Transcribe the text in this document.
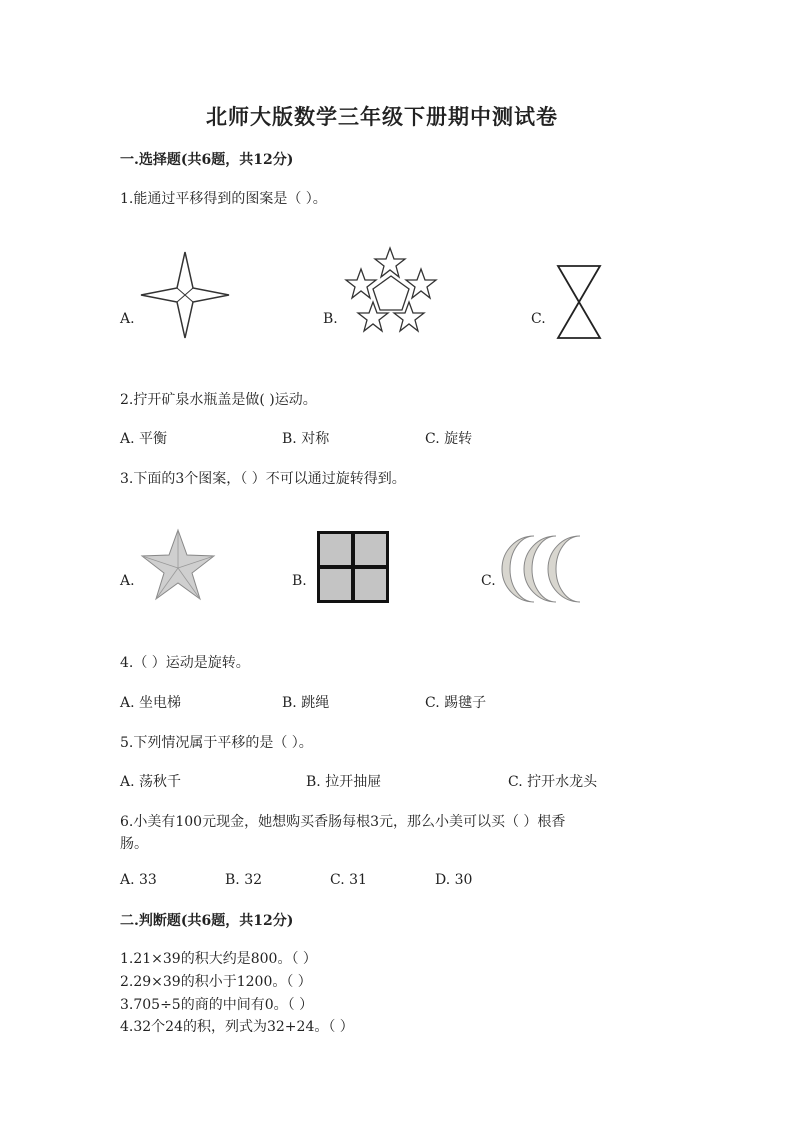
北师大版数学三年级下册期中测试卷
一.选择题(共6题，共12分)
1.能通过平移得到的图案是（ ）。
A.	B.	C.
2.拧开矿泉水瓶盖是做( )运动。
A. 平衡	B. 对称	C. 旋转
3.下面的3个图案，（ ）不可以通过旋转得到。
A.	B.	C.
4.（ ）运动是旋转。
A. 坐电梯	B. 跳绳	C. 踢毽子
5.下列情况属于平移的是（ ）。
A. 荡秋千	B. 拉开抽屉	C. 拧开水龙头
6.小美有100元现金，她想购买香肠每根3元，那么小美可以买（ ）根香
肠。
A. 33	B. 32	C. 31	D. 30
二.判断题(共6题，共12分)
1.21×39的积大约是800。（ ）
2.29×39的积小于1200。（ ）
3.705÷5的商的中间有0。（ ）
4.32个24的积，列式为32+24。（ ）
